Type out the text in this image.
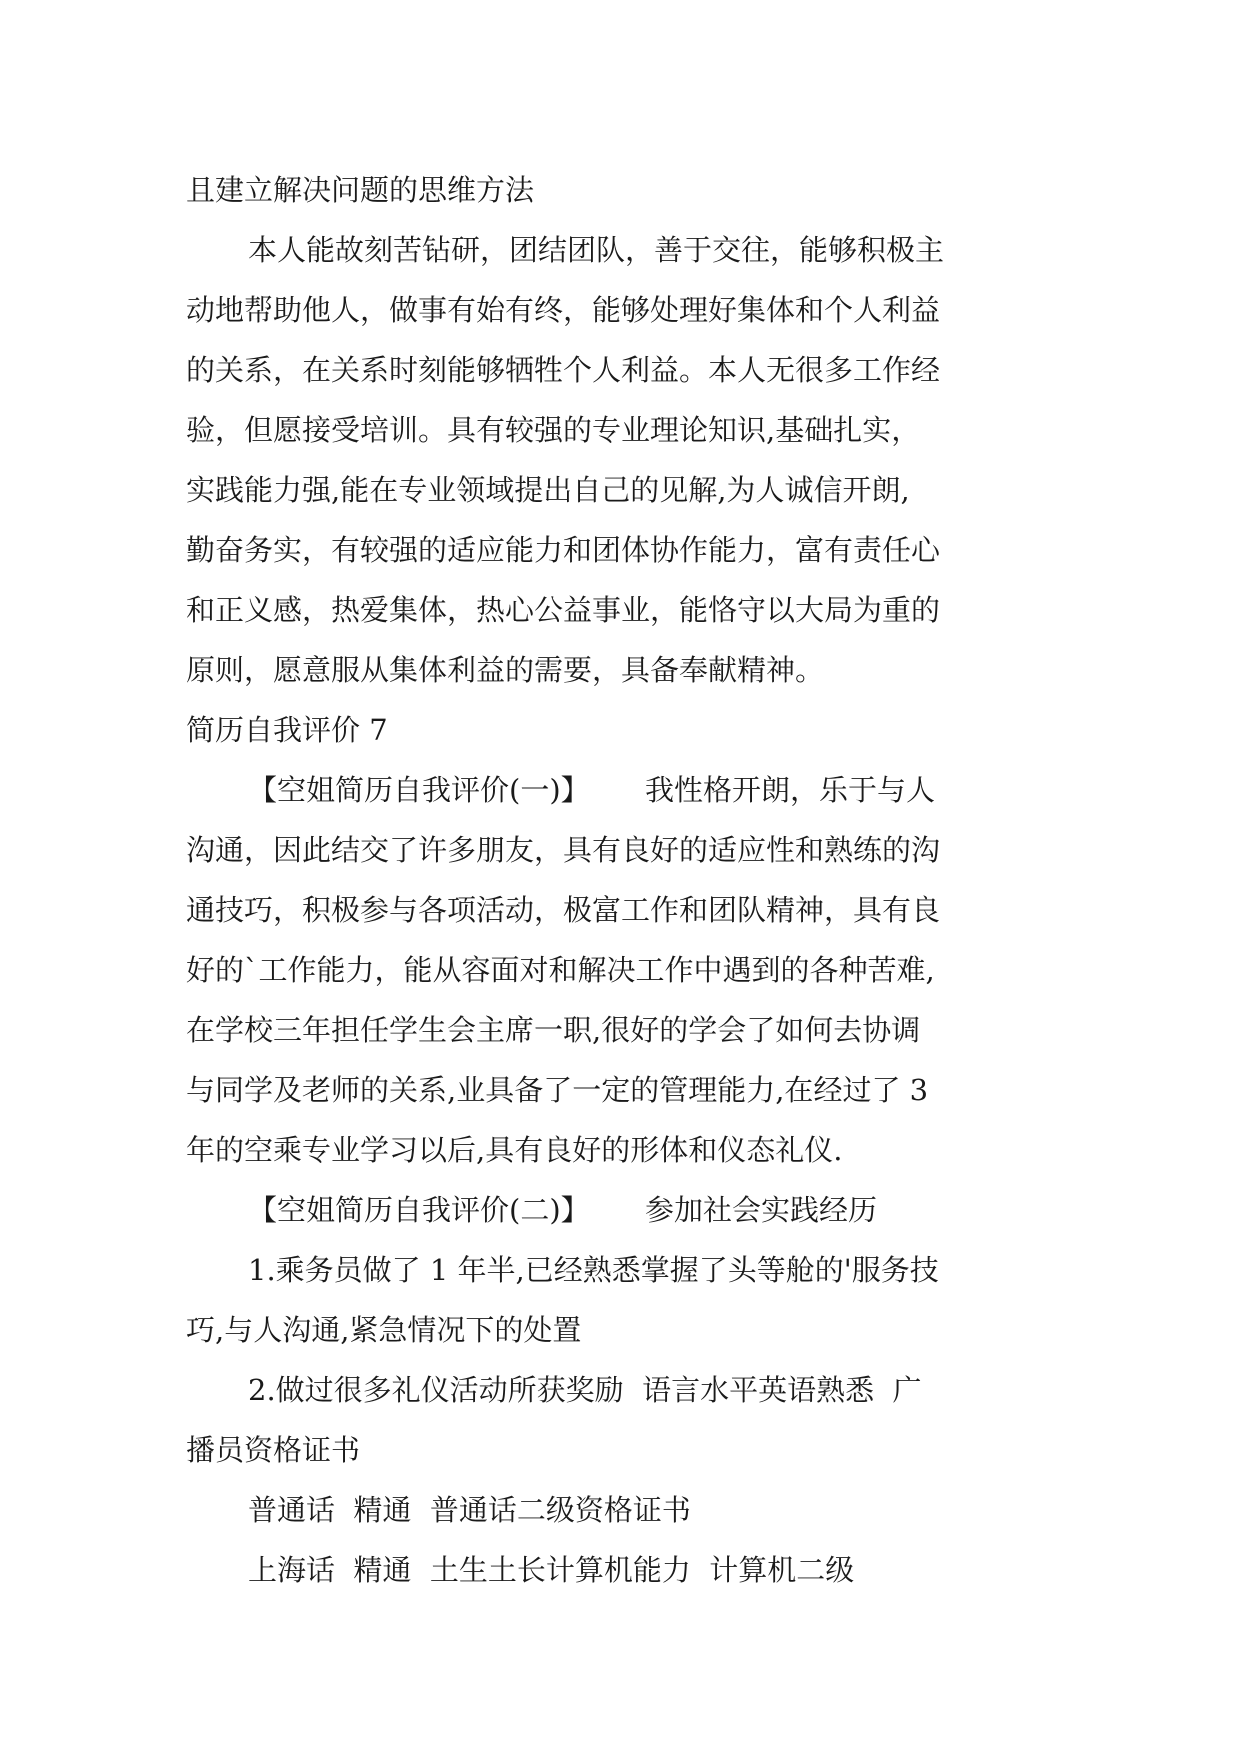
且建立解决问题的思维方法
本人能故刻苦钻研，团结团队，善于交往，能够积极主
动地帮助他人，做事有始有终，能够处理好集体和个人利益
的关系，在关系时刻能够牺牲个人利益。本人无很多工作经
验，但愿接受培训。具有较强的专业理论知识,基础扎实，
实践能力强,能在专业领域提出自己的见解,为人诚信开朗,
勤奋务实，有较强的适应能力和团体协作能力，富有责任心
和正义感，热爱集体，热心公益事业，能恪守以大局为重的
原则，愿意服从集体利益的需要，具备奉献精神。
简历自我评价 7
【空姐简历自我评价(一)】      我性格开朗，乐于与人
沟通，因此结交了许多朋友，具有良好的适应性和熟练的沟
通技巧，积极参与各项活动，极富工作和团队精神，具有良
好的`工作能力，能从容面对和解决工作中遇到的各种苦难,
在学校三年担任学生会主席一职,很好的学会了如何去协调
与同学及老师的关系,业具备了一定的管理能力,在经过了 3
年的空乘专业学习以后,具有良好的形体和仪态礼仪.
【空姐简历自我评价(二)】      参加社会实践经历
1.乘务员做了 1 年半,已经熟悉掌握了头等舱的'服务技
巧,与人沟通,紧急情况下的处置
2.做过很多礼仪活动所获奖励  语言水平英语熟悉  广
播员资格证书
普通话  精通  普通话二级资格证书
上海话  精通  土生土长计算机能力  计算机二级
